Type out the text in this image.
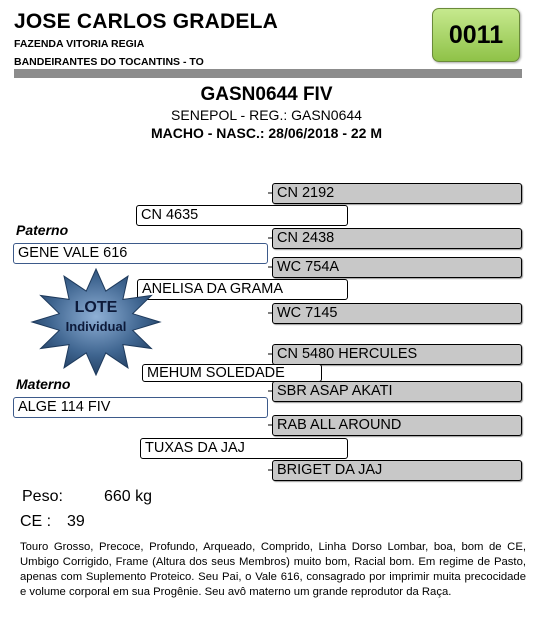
JOSE CARLOS GRADELA
FAZENDA VITORIA REGIA
BANDEIRANTES DO TOCANTINS - TO
0011
GASN0644 FIV
SENEPOL - REG.: GASN0644
MACHO - NASC.: 28/06/2018 - 22 M
CN 2192
CN 2438
WC 754A
WC 7145
CN 5480 HERCULES
SBR ASAP AKATI
RAB ALL AROUND
BRIGET DA JAJ
CN 4635
ANELISA DA GRAMA
MEHUM SOLEDADE
TUXAS DA JAJ
Paterno
GENE VALE 616
Materno
ALGE 114 FIV
LOTE
Individual
Peso:	660 kg
CE : 39
Touro Grosso, Precoce, Profundo, Arqueado, Comprido, Linha Dorso Lombar, boa, bom de CE, Umbigo Corrigido, Frame (Altura dos seus Membros) muito bom, Racial bom. Em regime de Pasto, apenas com Suplemento Proteico. Seu Pai, o Vale 616, consagrado por imprimir muita precocidade e volume corporal em sua Progênie. Seu avô materno um grande reprodutor da Raça.
